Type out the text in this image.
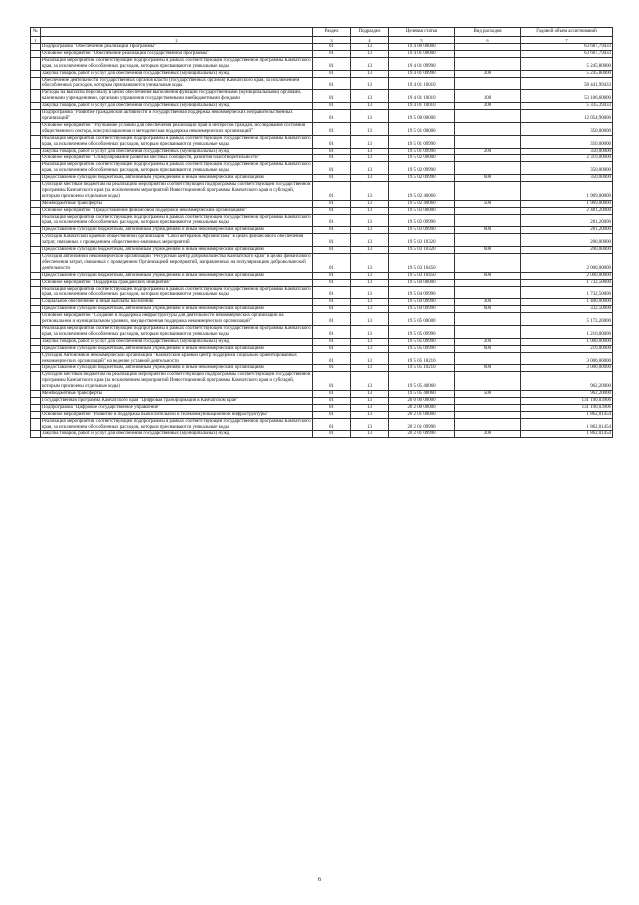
№		Раздел	Подраздел	Целевая статья	Вид расходов	Годовой объем ассигнований
1	2	3	4	5	6	7
	Подпрограмма "Обеспечение реализации Программы"	01	13	19 4 00 00000		63 687,79433
	Основное мероприятие "Обеспечение реализации государственной программы"	01	13	19 4 01 00000		63 687,79433
	Реализация мероприятий соответствующей подпрограммы в рамках соответствующей государственной программы Камчатского края, за исключением обособленных расходов, которым присваиваются уникальные коды	01	13	19 4 01 09990		5 245,80000
	Закупка товаров, работ и услуг для обеспечения государственных (муниципальных) нужд	01	13	19 4 01 09990	200	5 245,80000
	Обеспечение деятельности государственных органов власти (государственных органов) Камчатского края, за исключением обособленных расходов, которым присваиваются уникальные коды	01	13	19 4 01 10010		58 441,99433
	Расходы на выплаты персоналу в целях обеспечения выполнения функций государственными (муниципальными) органами, казенными учреждениями, органами управления государственными внебюджетными фондами	01	13	19 4 01 10010	100	53 106,60000
	Закупка товаров, работ и услуг для обеспечения государственных (муниципальных) нужд	01	13	19 4 01 10010	200	5 335,39433
	Подпрограмма "Развитие гражданской активности и государственная поддержка некоммерческих неправительственных организаций"	01	13	19 5 00 00000		12 054,90000
	Основное мероприятие "Улучшение условий для обеспечения реализации прав и интересов граждан, исследование состояния общественного сектора, консультационная и методическая поддержка некоммерческих организаций"	01	13	19 5 01 00000		350,00000
	Реализация мероприятий соответствующей подпрограммы в рамках соответствующей государственной программы Камчатского края, за исключением обособленных расходов, которым присваиваются уникальные коды	01	13	19 5 01 09990		350,00000
	Закупка товаров, работ и услуг для обеспечения государственных (муниципальных) нужд	01	13	19 5 01 09990	200	350,00000
	Основное мероприятие "Стимулирование развития местных сообществ, развития благотворительности"	01	13	19 5 02 00000		2 319,00000
	Реализация мероприятий соответствующей подпрограммы в рамках соответствующей государственной программы Камчатского края, за исключением обособленных расходов, которым присваиваются уникальные коды	01	13	19 5 02 09990		350,00000
	Предоставление субсидий бюджетным, автономным учреждениям и иным некоммерческим организациям	01	13	19 5 02 09990	600	350,00000
	Субсидии местным бюджетам на реализацию мероприятий соответствующей подпрограммы соответствующей государственной программы Камчатского края (за исключением мероприятий Инвестиционной программы Камчатского края и субсидий, которым присвоены отдельные коды)	01	13	19 5 02 40060		1 969,00000
	Межбюджетные трансферты	01	13	19 5 02 40060	500	1 969,00000
	Основное мероприятие "Предоставление финансовой поддержки некоммерческим организациям"	01	13	19 5 03 00000		2 481,20000
	Реализация мероприятий соответствующей подпрограммы в рамках соответствующей государственной программы Камчатского края, за исключением обособленных расходов, которым присваиваются уникальные коды	01	13	19 5 03 09990		281,20000
	Предоставление субсидий бюджетным, автономным учреждениям и иным некоммерческим организациям	01	13	19 5 03 09990	600	281,20000
	Субсидия Камчатской краевой общественной организации "Союз ветеранов Афганистана" в целях финансового обеспечения затрат, связанных с проведением общественно-значимых мероприятий	01	13	19 5 03 10320		200,00000
	Предоставление субсидий бюджетным, автономным учреждениям и иным некоммерческим организациям	01	13	19 5 03 10320	600	200,00000
	Субсидия автономной некоммерческой организации "Ресурсный центр добровольчества Камчатского края" в целях финансового обеспечения затрат, связанных с проведением Организацией мероприятий, направленных на популяризацию добровольческой деятельности	01	13	19 5 03 10450		2 000,00000
	Предоставление субсидий бюджетным, автономным учреждениям и иным некоммерческим организациям	01	13	19 5 03 10450	600	2 000,00000
	Основное мероприятие "Поддержка гражданских инициатив"	01	13	19 5 04 00000		1 732,50000
	Реализация мероприятий соответствующей подпрограммы в рамках соответствующей государственной программы Камчатского края, за исключением обособленных расходов, которым присваиваются уникальные коды	01	13	19 5 04 09990		1 732,50000
	Социальное обеспечение и иные выплаты населению	01	13	19 5 04 09990	300	1 400,00000
	Предоставление субсидий бюджетным, автономным учреждениям и иным некоммерческим организациям	01	13	19 5 04 09990	600	332,50000
	Основное мероприятие "Создание и поддержка инфраструктуры для деятельности некоммерческих организаций на региональном и муниципальном уровнях, имущественная поддержка некоммерческих организаций"	01	13	19 5 05 00000		5 172,20000
	Реализация мероприятий соответствующей подпрограммы в рамках соответствующей государственной программы Камчатского края, за исключением обособленных расходов, которым присваиваются уникальные коды	01	13	19 5 05 09990		1 210,00000
	Закупка товаров, работ и услуг для обеспечения государственных (муниципальных) нужд	01	13	19 5 05 09990	200	1 000,00000
	Предоставление субсидий бюджетным, автономным учреждениям и иным некоммерческим организациям	01	13	19 5 05 09990	600	210,00000
	Субсидия Автономной некоммерческой организации "Камчатский краевой центр поддержки социально ориентированных некоммерческих организаций" на ведение уставной деятельности	01	13	19 5 05 10210		3 000,00000
	Предоставление субсидий бюджетным, автономным учреждениям и иным некоммерческим организациям	01	13	19 5 05 10210	600	3 000,00000
	Субсидии местным бюджетам на реализацию мероприятий соответствующей подпрограммы соответствующей государственной программы Камчатского края (за исключением мероприятий Инвестиционной программы Камчатского края и субсидий, которым присвоены отдельные коды)	01	13	19 5 05 40060		962,20000
	Межбюджетные трансферты	01	13	19 5 05 40060	500	962,20000
	Государственная программа Камчатского края "Цифровая трансформация в Камчатском крае"	01	13	20 0 00 00000		131 190,03906
	Подпрограмма "Цифровое государственное управление"	01	13	20 2 00 00000		131 190,03906
	Основное мероприятие "Развитие и поддержка вычислительной и телекоммуникационной инфраструктуры"	01	13	20 2 01 00000		1 862,01454
	Реализация мероприятий соответствующей подпрограммы в рамках соответствующей государственной программы Камчатского края, за исключением обособленных расходов, которым присваиваются уникальные коды	01	13	20 2 01 09990		1 862,01454
	Закупка товаров, работ и услуг для обеспечения государственных (муниципальных) нужд	01	13	20 2 01 09990	200	1 862,01454
6
